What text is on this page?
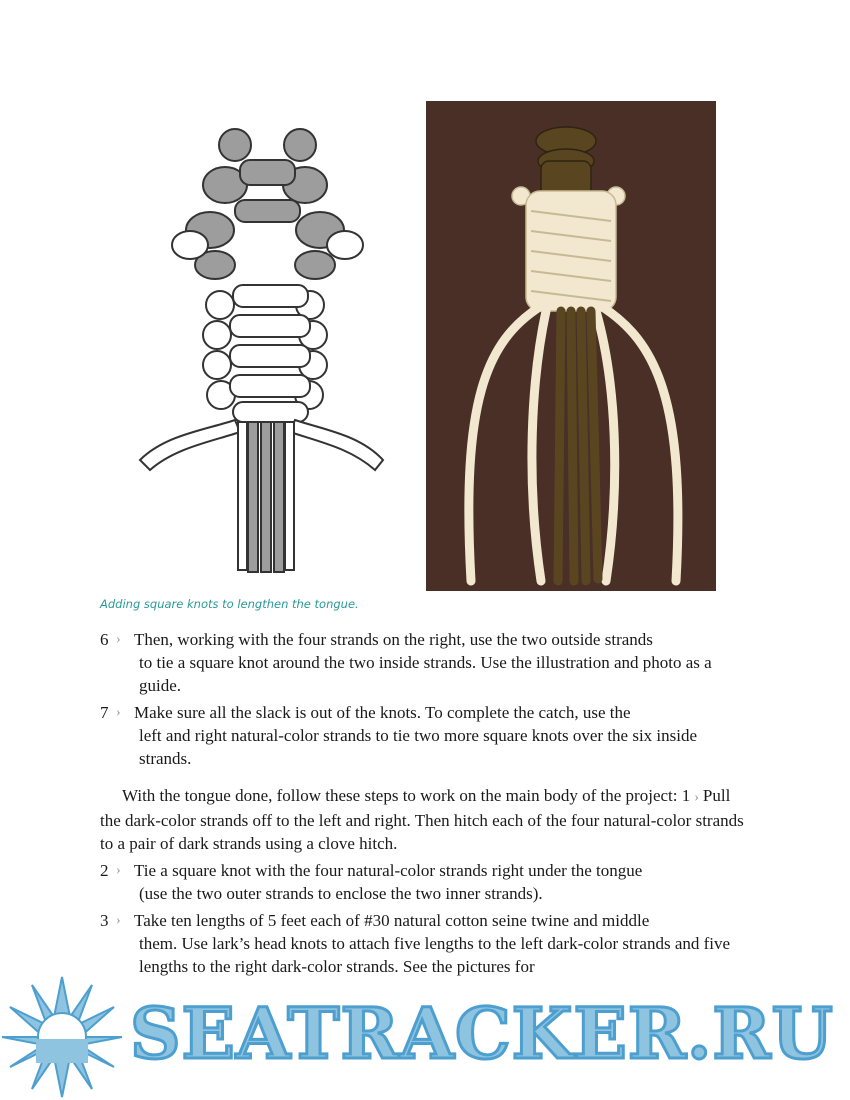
Adding square knots to lengthen the tongue.
6 › Then, working with the four strands on the right, use the two outside strands
to tie a square knot around the two inside strands. Use the illustration and photo as a guide.
7 › Make sure all the slack is out of the knots. To complete the catch, use the
left and right natural-color strands to tie two more square knots over the six inside strands.

With the tongue done, follow these steps to work on the main body of the project: 1 › Pull the dark-color strands off to the left and right. Then hitch each of the four natural-color strands to a pair of dark strands using a clove hitch.

2 › Tie a square knot with the four natural-color strands right under the tongue
(use the two outer strands to enclose the two inner strands).
3 › Take ten lengths of 5 feet each of #30 natural cotton seine twine and middle
them. Use lark’s head knots to attach five lengths to the left dark-color strands and five lengths to the right dark-color strands. See the pictures for
SEATRACKER.RU
